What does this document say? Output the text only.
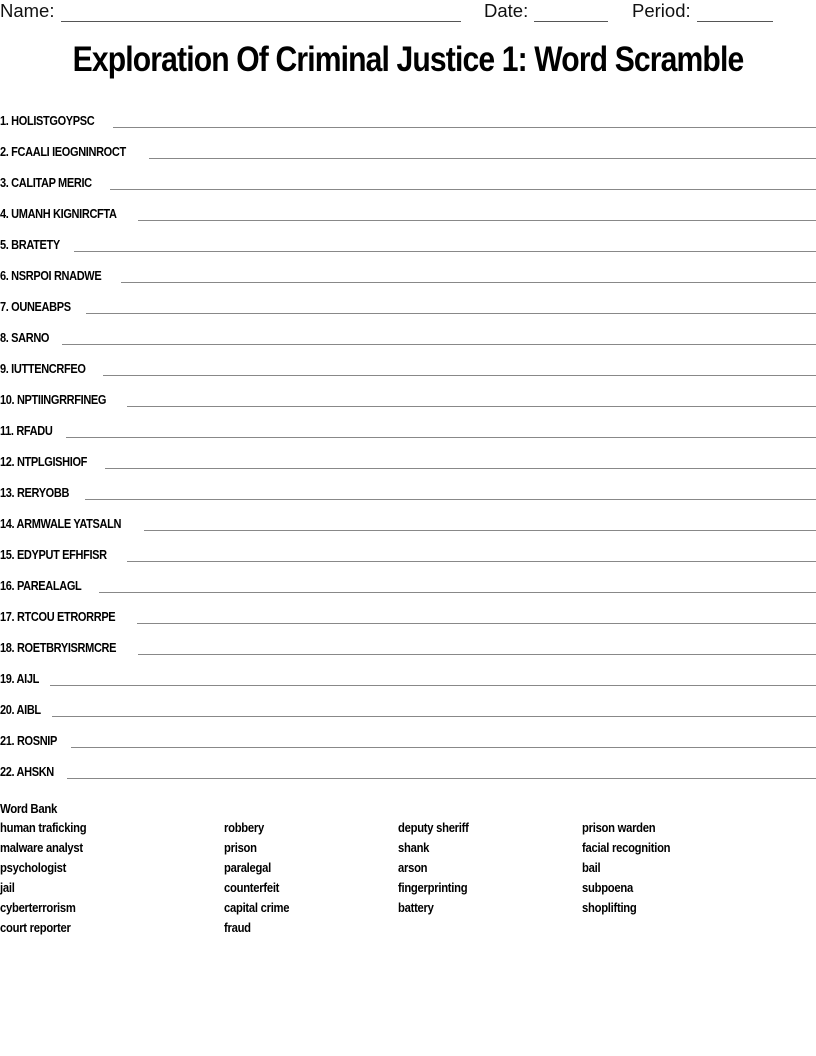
Name:	Date:	Period:
Exploration Of Criminal Justice 1: Word Scramble
1. HOLISTGOYPSC
2. FCAALI IEOGNINROCT
3. CALITAP MERIC
4. UMANH KIGNIRCFTA
5. BRATETY
6. NSRPOI RNADWE
7. OUNEABPS
8. SARNO
9. IUTTENCRFEO
10. NPTIINGRRFINEG
11. RFADU
12. NTPLGISHIOF
13. RERYOBB
14. ARMWALE YATSALN
15. EDYPUT EFHFISR
16. PAREALAGL
17. RTCOU ETRORRPE
18. ROETBRYISRMCRE
19. AIJL
20. AIBL
21. ROSNIP
22. AHSKN
Word Bank
human traficking
malware analyst
psychologist
jail
cyberterrorism
court reporter
robbery
prison
paralegal
counterfeit
capital crime
fraud
deputy sheriff
shank
arson
fingerprinting
battery
prison warden
facial recognition
bail
subpoena
shoplifting
